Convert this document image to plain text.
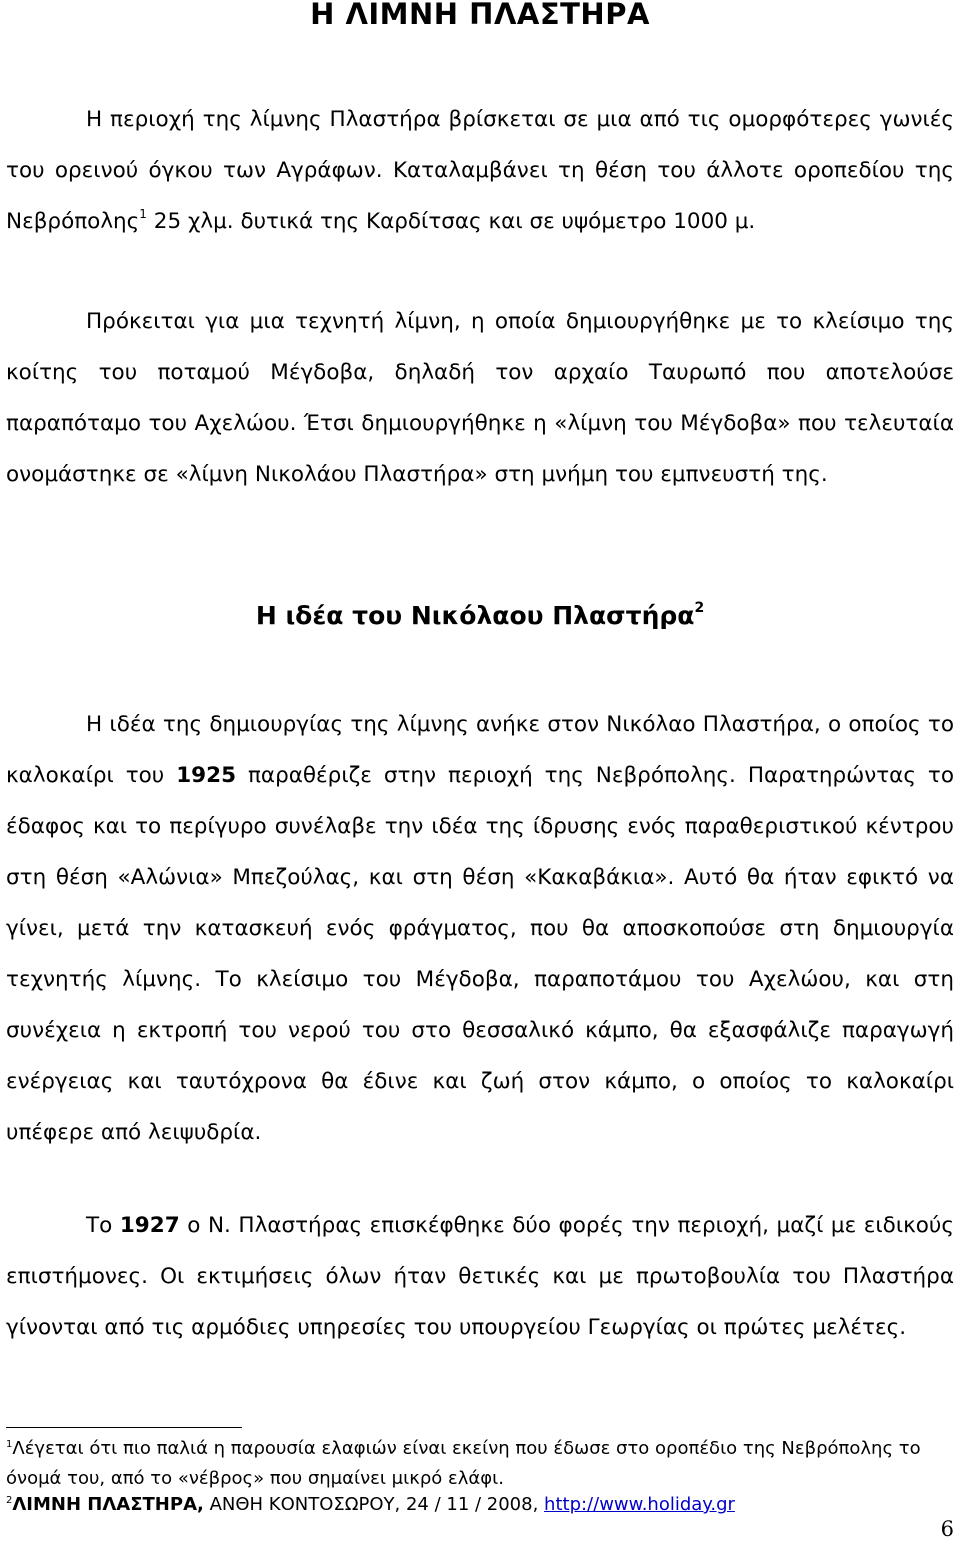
Η ΛΙΜΝΗ ΠΛΑΣΤΗΡΑ

Η περιοχή της λίμνης Πλαστήρα βρίσκεται σε μια από τις ομορφότερες γωνιές του ορεινού όγκου των Αγράφων. Καταλαμβάνει τη θέση του άλλοτε οροπεδίου της Νεβρόπολης$^1$ 25 χλμ. δυτικά της Καρδίτσας και σε υψόμετρο 1000 μ.

Πρόκειται για μια τεχνητή λίμνη, η οποία δημιουργήθηκε με το κλείσιμο της κοίτης του ποταμού Μέγδοβα, δηλαδή τον αρχαίο Ταυρωπό που αποτελούσε παραπόταμο του Αχελώου. Έτσι δημιουργήθηκε η «λίμνη του Μέγδοβα» που τελευταία ονομάστηκε σε «λίμνη Νικολάου Πλαστήρα» στη μνήμη του εμπνευστή της.

Η ιδέα του Νικόλαου Πλαστήρα$^2$

Η ιδέα της δημιουργίας της λίμνης ανήκε στον Νικόλαο Πλαστήρα, ο οποίος το καλοκαίρι του 1925 παραθέριζε στην περιοχή της Νεβρόπολης. Παρατηρώντας το έδαφος και το περίγυρο συνέλαβε την ιδέα της ίδρυσης ενός παραθεριστικού κέντρου στη θέση «Αλώνια» Μπεζούλας, και στη θέση «Κακαβάκια». Αυτό θα ήταν εφικτό να γίνει, μετά την κατασκευή ενός φράγματος, που θα αποσκοπούσε στη δημιουργία τεχνητής λίμνης. Το κλείσιμο του Μέγδοβα, παραποτάμου του Αχελώου, και στη συνέχεια η εκτροπή του νερού του στο θεσσαλικό κάμπο, θα εξασφάλιζε παραγωγή ενέργειας και ταυτόχρονα θα έδινε και ζωή στον κάμπο, ο οποίος το καλοκαίρι υπέφερε από λειψυδρία.

Το 1927 ο Ν. Πλαστήρας επισκέφθηκε δύο φορές την περιοχή, μαζί με ειδικούς επιστήμονες. Οι εκτιμήσεις όλων ήταν θετικές και με πρωτοβουλία του Πλαστήρα γίνονται από τις αρμόδιες υπηρεσίες του υπουργείου Γεωργίας οι πρώτες μελέτες.

$^1$Λέγεται ότι πιο παλιά η παρουσία ελαφιών είναι εκείνη που έδωσε στο οροπέδιο της Νεβρόπολης το όνομά του, από το «νέβρος» που σημαίνει μικρό ελάφι.
$^2$ΛΙΜΝΗ ΠΛΑΣΤΗΡΑ, ΑΝΘΗ ΚΟΝΤΟΣΩΡΟΥ, 24 / 11 / 2008, http://www.holiday.gr
6
